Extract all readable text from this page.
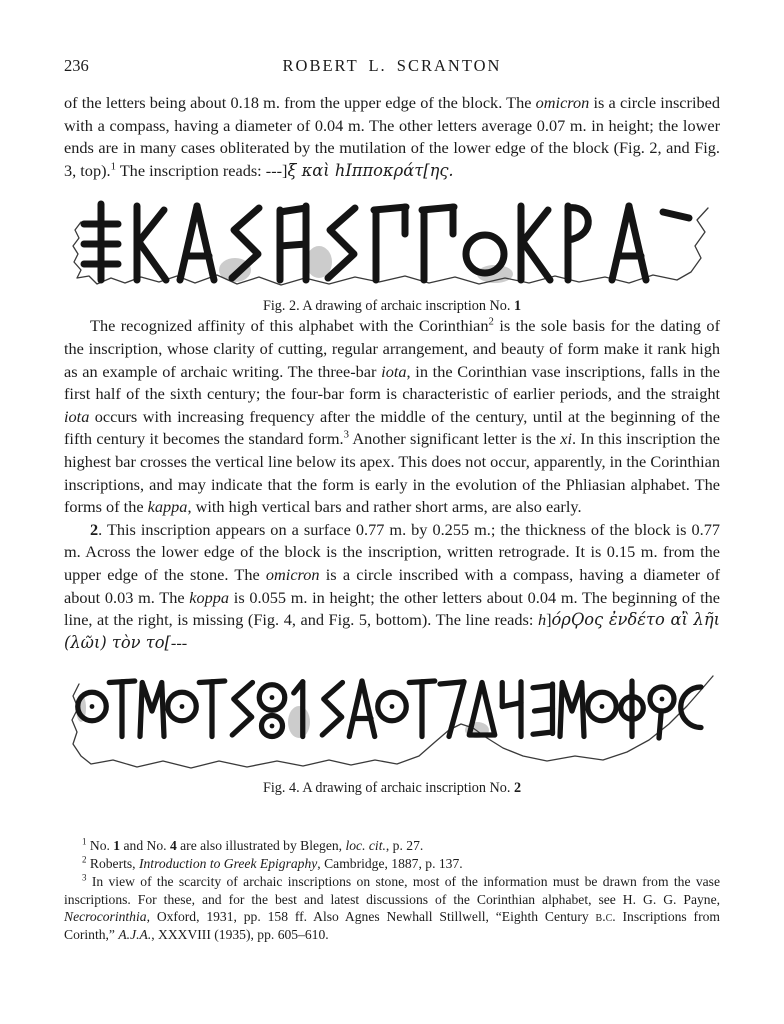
236	ROBERT L. SCRANTON

of the letters being about 0.18 m. from the upper edge of the block. The omicron is a circle inscribed with a compass, having a diameter of 0.04 m. The other letters average 0.07 m. in height; the lower ends are in many cases obliterated by the mutilation of the lower edge of the block (Fig. 2, and Fig. 3, top).$^1$ The inscription reads: ---]ξ καὶ hΙπποκράτ[ης.

Fig. 2. A drawing of archaic inscription No. 1

The recognized affinity of this alphabet with the Corinthian$^2$ is the sole basis for the dating of the inscription, whose clarity of cutting, regular arrangement, and beauty of form make it rank high as an example of archaic writing. The three-bar iota, in the Corinthian vase inscriptions, falls in the first half of the sixth century; the four-bar form is characteristic of earlier periods, and the straight iota occurs with increasing frequency after the middle of the century, until at the beginning of the fifth century it becomes the standard form.$^3$ Another significant letter is the xi. In this inscription the highest bar crosses the vertical line below its apex. This does not occur, apparently, in the Corinthian inscriptions, and may indicate that the form is early in the evolution of the Phliasian alphabet. The forms of the kappa, with high vertical bars and rather short arms, are also early.

2. This inscription appears on a surface 0.77 m. by 0.255 m.; the thickness of the block is 0.77 m. Across the lower edge of the block is the inscription, written retrograde. It is 0.15 m. from the upper edge of the stone. The omicron is a circle inscribed with a compass, having a diameter of about 0.03 m. The koppa is 0.055 m. in height; the other letters about 0.04 m. The beginning of the line, at the right, is missing (Fig. 4, and Fig. 5, bottom). The line reads: h]όρϘος ἐνδέτο αἲ λῆι (λῶι) τὸν το[---

Fig. 4. A drawing of archaic inscription No. 2

$^1$ No. 1 and No. 4 are also illustrated by Blegen, loc. cit., p. 27.

$^2$ Roberts, Introduction to Greek Epigraphy, Cambridge, 1887, p. 137.

$^3$ In view of the scarcity of archaic inscriptions on stone, most of the information must be drawn from the vase inscriptions. For these, and for the best and latest discussions of the Corinthian alphabet, see H. G. G. Payne, Necrocorinthia, Oxford, 1931, pp. 158 ff. Also Agnes Newhall Stillwell, “Eighth Century b.c. Inscriptions from Corinth,” A.J.A., XXXVIII (1935), pp. 605–610.
